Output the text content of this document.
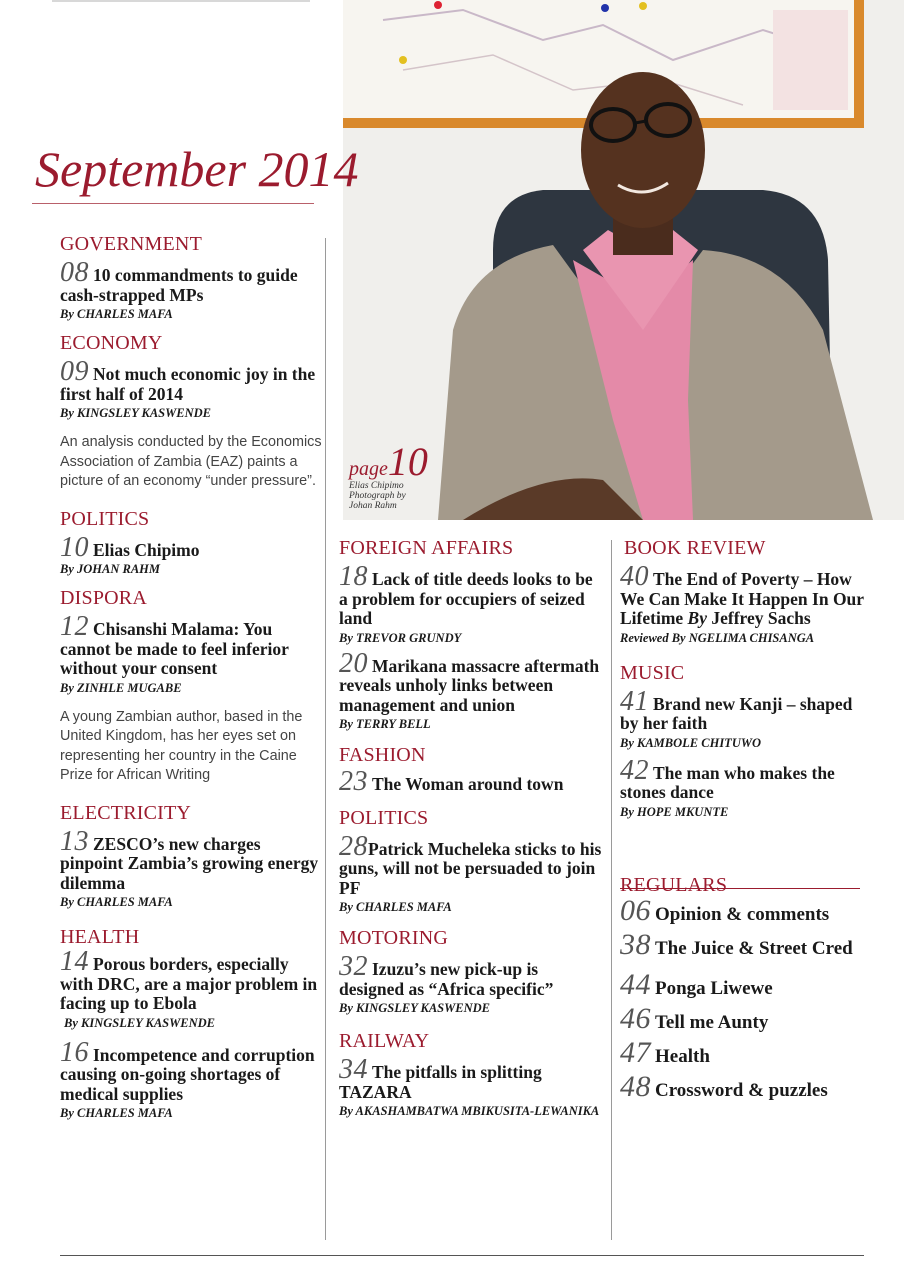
page10
Elias Chipimo
Photograph by
Johan Rahm
September 2014
GOVERNMENT
08 10 commandments to guide cash-strapped MPs
By CHARLES MAFA
ECONOMY
09 Not much economic joy in the first half of 2014
By KINGSLEY KASWENDE
An analysis conducted by the Economics Association of Zambia (EAZ) paints a picture of an economy “under pressure”.
POLITICS
10 Elias Chipimo
By JOHAN RAHM
DISPORA
12 Chisanshi Malama: You cannot be made to feel inferior without your consent
By ZINHLE MUGABE
A young Zambian author, based in the United Kingdom, has her eyes set on representing her country in the Caine Prize for African Writing
ELECTRICITY
13 ZESCO’s new charges pinpoint Zambia’s growing energy dilemma
By CHARLES MAFA
HEALTH
14 Porous borders, especially with DRC, are a major problem in facing up to Ebola
By KINGSLEY KASWENDE
16 Incompetence and corruption causing on-going shortages of medical supplies
By CHARLES MAFA
FOREIGN AFFAIRS
18 Lack of title deeds looks to be a problem for occupiers of seized land
By TREVOR GRUNDY
20 Marikana massacre aftermath reveals unholy links between management and union
By TERRY BELL
FASHION
23 The Woman around town
POLITICS
28Patrick Mucheleka sticks to his guns, will not be persuaded to join PF
By CHARLES MAFA
MOTORING
32 Izuzu’s new pick-up is designed as “Africa specific”
By KINGSLEY KASWENDE
RAILWAY
34 The pitfalls in splitting TAZARA
By AKASHAMBATWA MBIKUSITA-LEWANIKA
BOOK REVIEW
40 The End of Poverty – How We Can Make It Happen In Our Lifetime By Jeffrey Sachs
Reviewed By NGELIMA CHISANGA
MUSIC
41 Brand new Kanji – shaped by her faith
By KAMBOLE CHITUWO
42 The man who makes the stones dance
By HOPE MKUNTE
REGULARS
06 Opinion & comments
38 The Juice & Street Cred
44 Ponga Liwewe
46 Tell me Aunty
47 Health
48 Crossword & puzzles
